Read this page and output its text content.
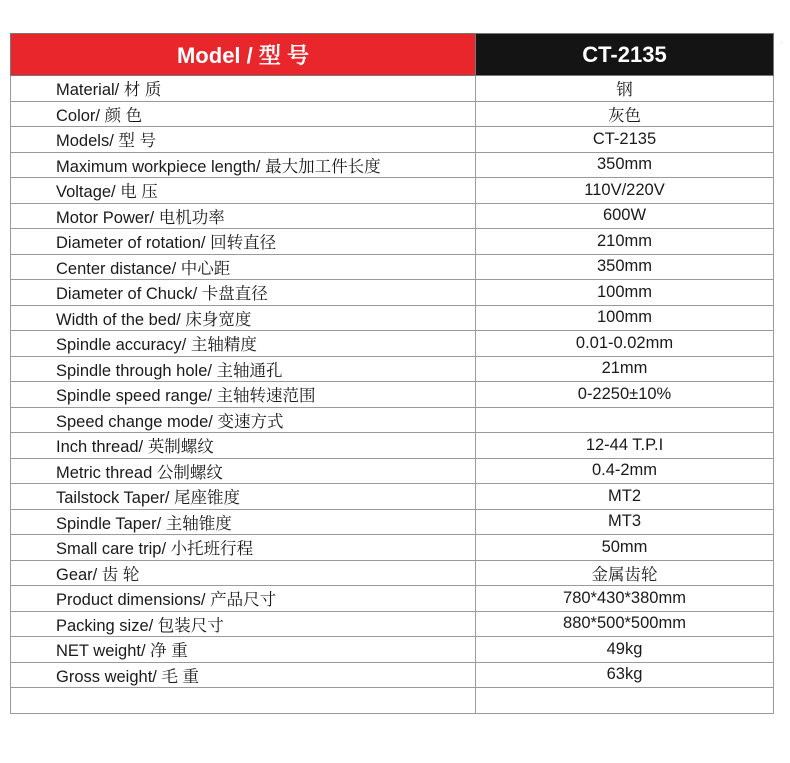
Model / 型 号	CT-2135
Material/ 材 质	钢
Color/ 颜 色	灰色
Models/ 型 号	CT-2135
Maximum workpiece length/ 最大加工件长度	350mm
Voltage/ 电 压	110V/220V
Motor Power/ 电机功率	600W
Diameter of rotation/ 回转直径	210mm
Center distance/ 中心距	350mm
Diameter of Chuck/ 卡盘直径	100mm
Width of the bed/ 床身宽度	100mm
Spindle accuracy/ 主轴精度	0.01-0.02mm
Spindle through hole/ 主轴通孔	21mm
Spindle speed range/ 主轴转速范围	0-2250±10%
Speed change mode/ 变速方式	
Inch thread/ 英制螺纹	12-44 T.P.I
Metric thread 公制螺纹	0.4-2mm
Tailstock Taper/ 尾座锥度	MT2
Spindle Taper/ 主轴锥度	MT3
Small care trip/ 小托班行程	50mm
Gear/ 齿 轮	金属齿轮
Product dimensions/ 产品尺寸	780*430*380mm
Packing size/ 包装尺寸	880*500*500mm
NET weight/ 净 重	49kg
Gross weight/ 毛 重	63kg

·
